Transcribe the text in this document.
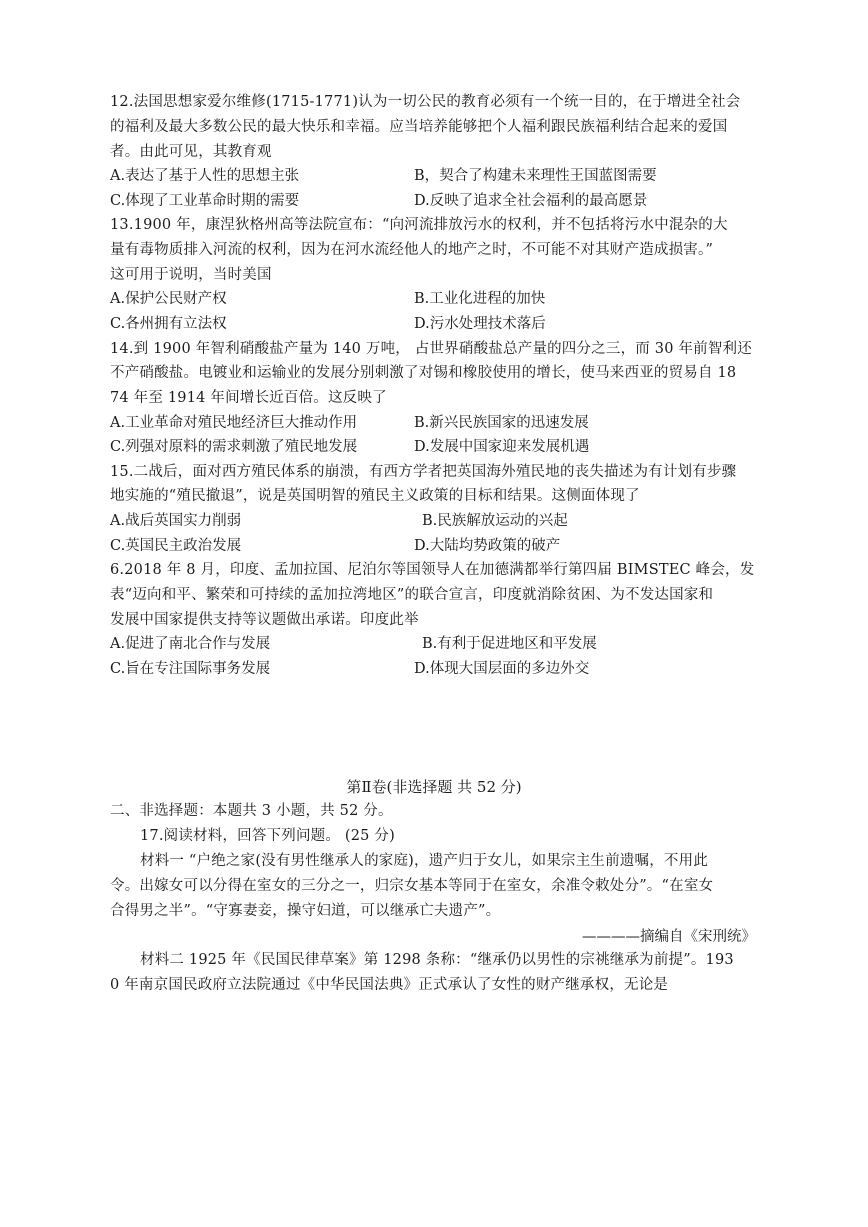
12.法国思想家爱尔维修(1715-1771)认为一切公民的教育必须有一个统一目的，在于增进全社会
的福利及最大多数公民的最大快乐和幸福。应当培养能够把个人福利跟民族福利结合起来的爱国
者。由此可见，其教育观
A.表达了基于人性的思想主张	B，契合了构建未来理性王国蓝图需要
C.体现了工业革命时期的需要	D.反映了追求全社会福利的最高愿景
13.1900 年，康涅狄格州高等法院宣布：“向河流排放污水的权利，并不包括将污水中混杂的大
量有毒物质排入河流的权利，因为在河水流经他人的地产之时，不可能不对其财产造成损害。”
这可用于说明，当时美国
A.保护公民财产权	B.工业化进程的加快
C.各州拥有立法权	D.污水处理技术落后
14.到 1900 年智利硝酸盐产量为 140 万吨， 占世界硝酸盐总产量的四分之三，而 30 年前智利还
不产硝酸盐。电镀业和运输业的发展分别刺激了对锡和橡胶使用的增长，使马来西亚的贸易自 18
74 年至 1914 年间增长近百倍。这反映了
A.工业革命对殖民地经济巨大推动作用	B.新兴民族国家的迅速发展
C.列强对原料的需求刺激了殖民地发展	D.发展中国家迎来发展机遇
15.二战后，面对西方殖民体系的崩溃，有西方学者把英国海外殖民地的丧失描述为有计划有步骤
地实施的“殖民撤退”，说是英国明智的殖民主义政策的目标和结果。这侧面体现了
A.战后英国实力削弱	B.民族解放运动的兴起
C.英国民主政治发展	D.大陆均势政策的破产
6.2018 年 8 月，印度、孟加拉国、尼泊尔等国领导人在加德满都举行第四届 BIMSTEC 峰会，发
表“迈向和平、繁荣和可持续的孟加拉湾地区”的联合宣言，印度就消除贫困、为不发达国家和
发展中国家提供支持等议题做出承诺。印度此举
A.促进了南北合作与发展	B.有利于促进地区和平发展
C.旨在专注国际事务发展	D.体现大国层面的多边外交
第Ⅱ卷(非选择题 共 52 分)
二、非选择题：本题共 3 小题，共 52 分。
17.阅读材料，回答下列问题。 (25 分)
材料一 “户绝之家(没有男性继承人的家庭)，遗产归于女儿，如果宗主生前遗嘱，不用此
令。出嫁女可以分得在室女的三分之一，归宗女基本等同于在室女，余准令敕处分”。“在室女
合得男之半”。“守寡妻妾，操守妇道，可以继承亡夫遗产”。
————摘编自《宋刑统》
材料二 1925 年《民国民律草案》第 1298 条称：“继承仍以男性的宗祧继承为前提”。193
0 年南京国民政府立法院通过《中华民国法典》正式承认了女性的财产继承权，无论是
